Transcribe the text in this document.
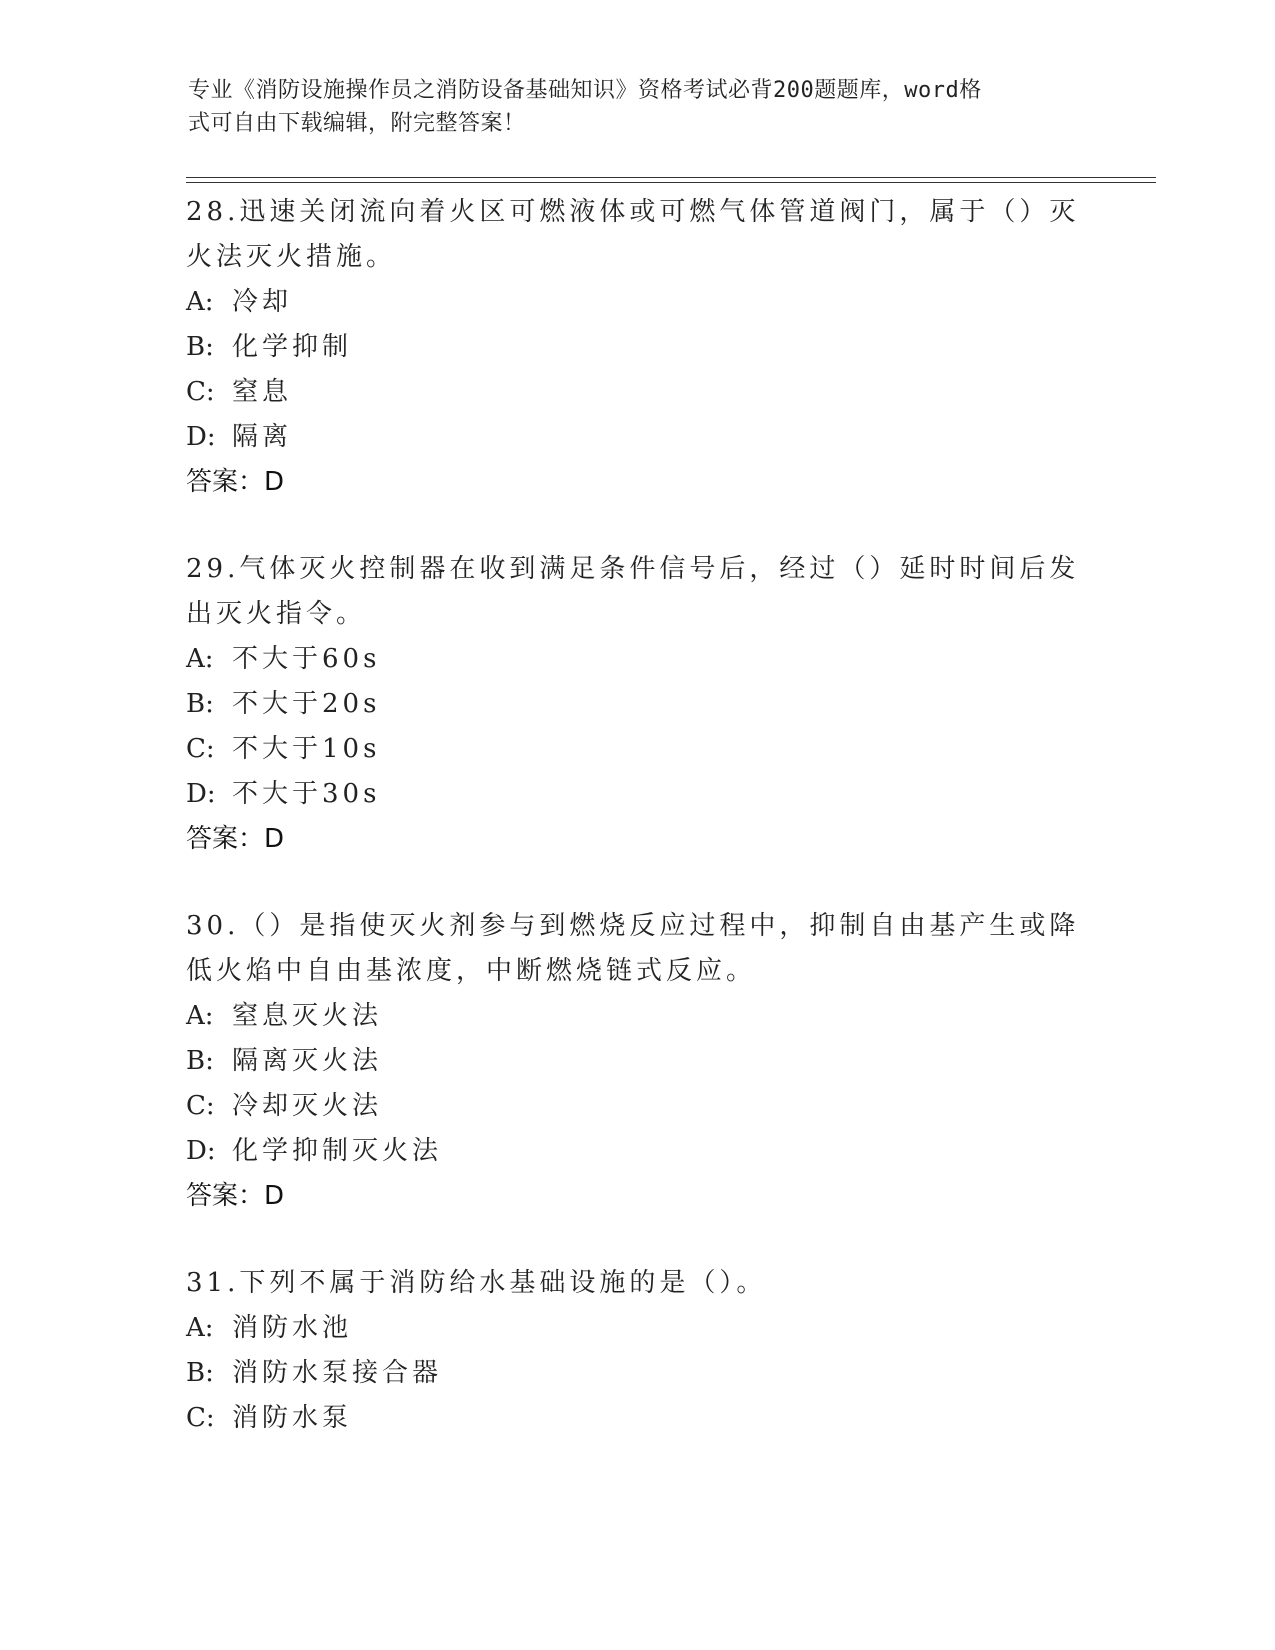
专业《消防设施操作员之消防设备基础知识》资格考试必背200题题库，word格
式可自由下载编辑，附完整答案！

28.迅速关闭流向着火区可燃液体或可燃气体管道阀门，属于（）灭火法灭火措施。

A: 冷却

B: 化学抑制

C: 窒息

D: 隔离

答案：D

29.气体灭火控制器在收到满足条件信号后，经过（）延时时间后发出灭火指令。

A: 不大于60s

B: 不大于20s

C: 不大于10s

D: 不大于30s

答案：D

30.（）是指使灭火剂参与到燃烧反应过程中，抑制自由基产生或降低火焰中自由基浓度，中断燃烧链式反应。

A: 窒息灭火法

B: 隔离灭火法

C: 冷却灭火法

D: 化学抑制灭火法

答案：D

31.下列不属于消防给水基础设施的是（）。

A: 消防水池

B: 消防水泵接合器

C: 消防水泵
